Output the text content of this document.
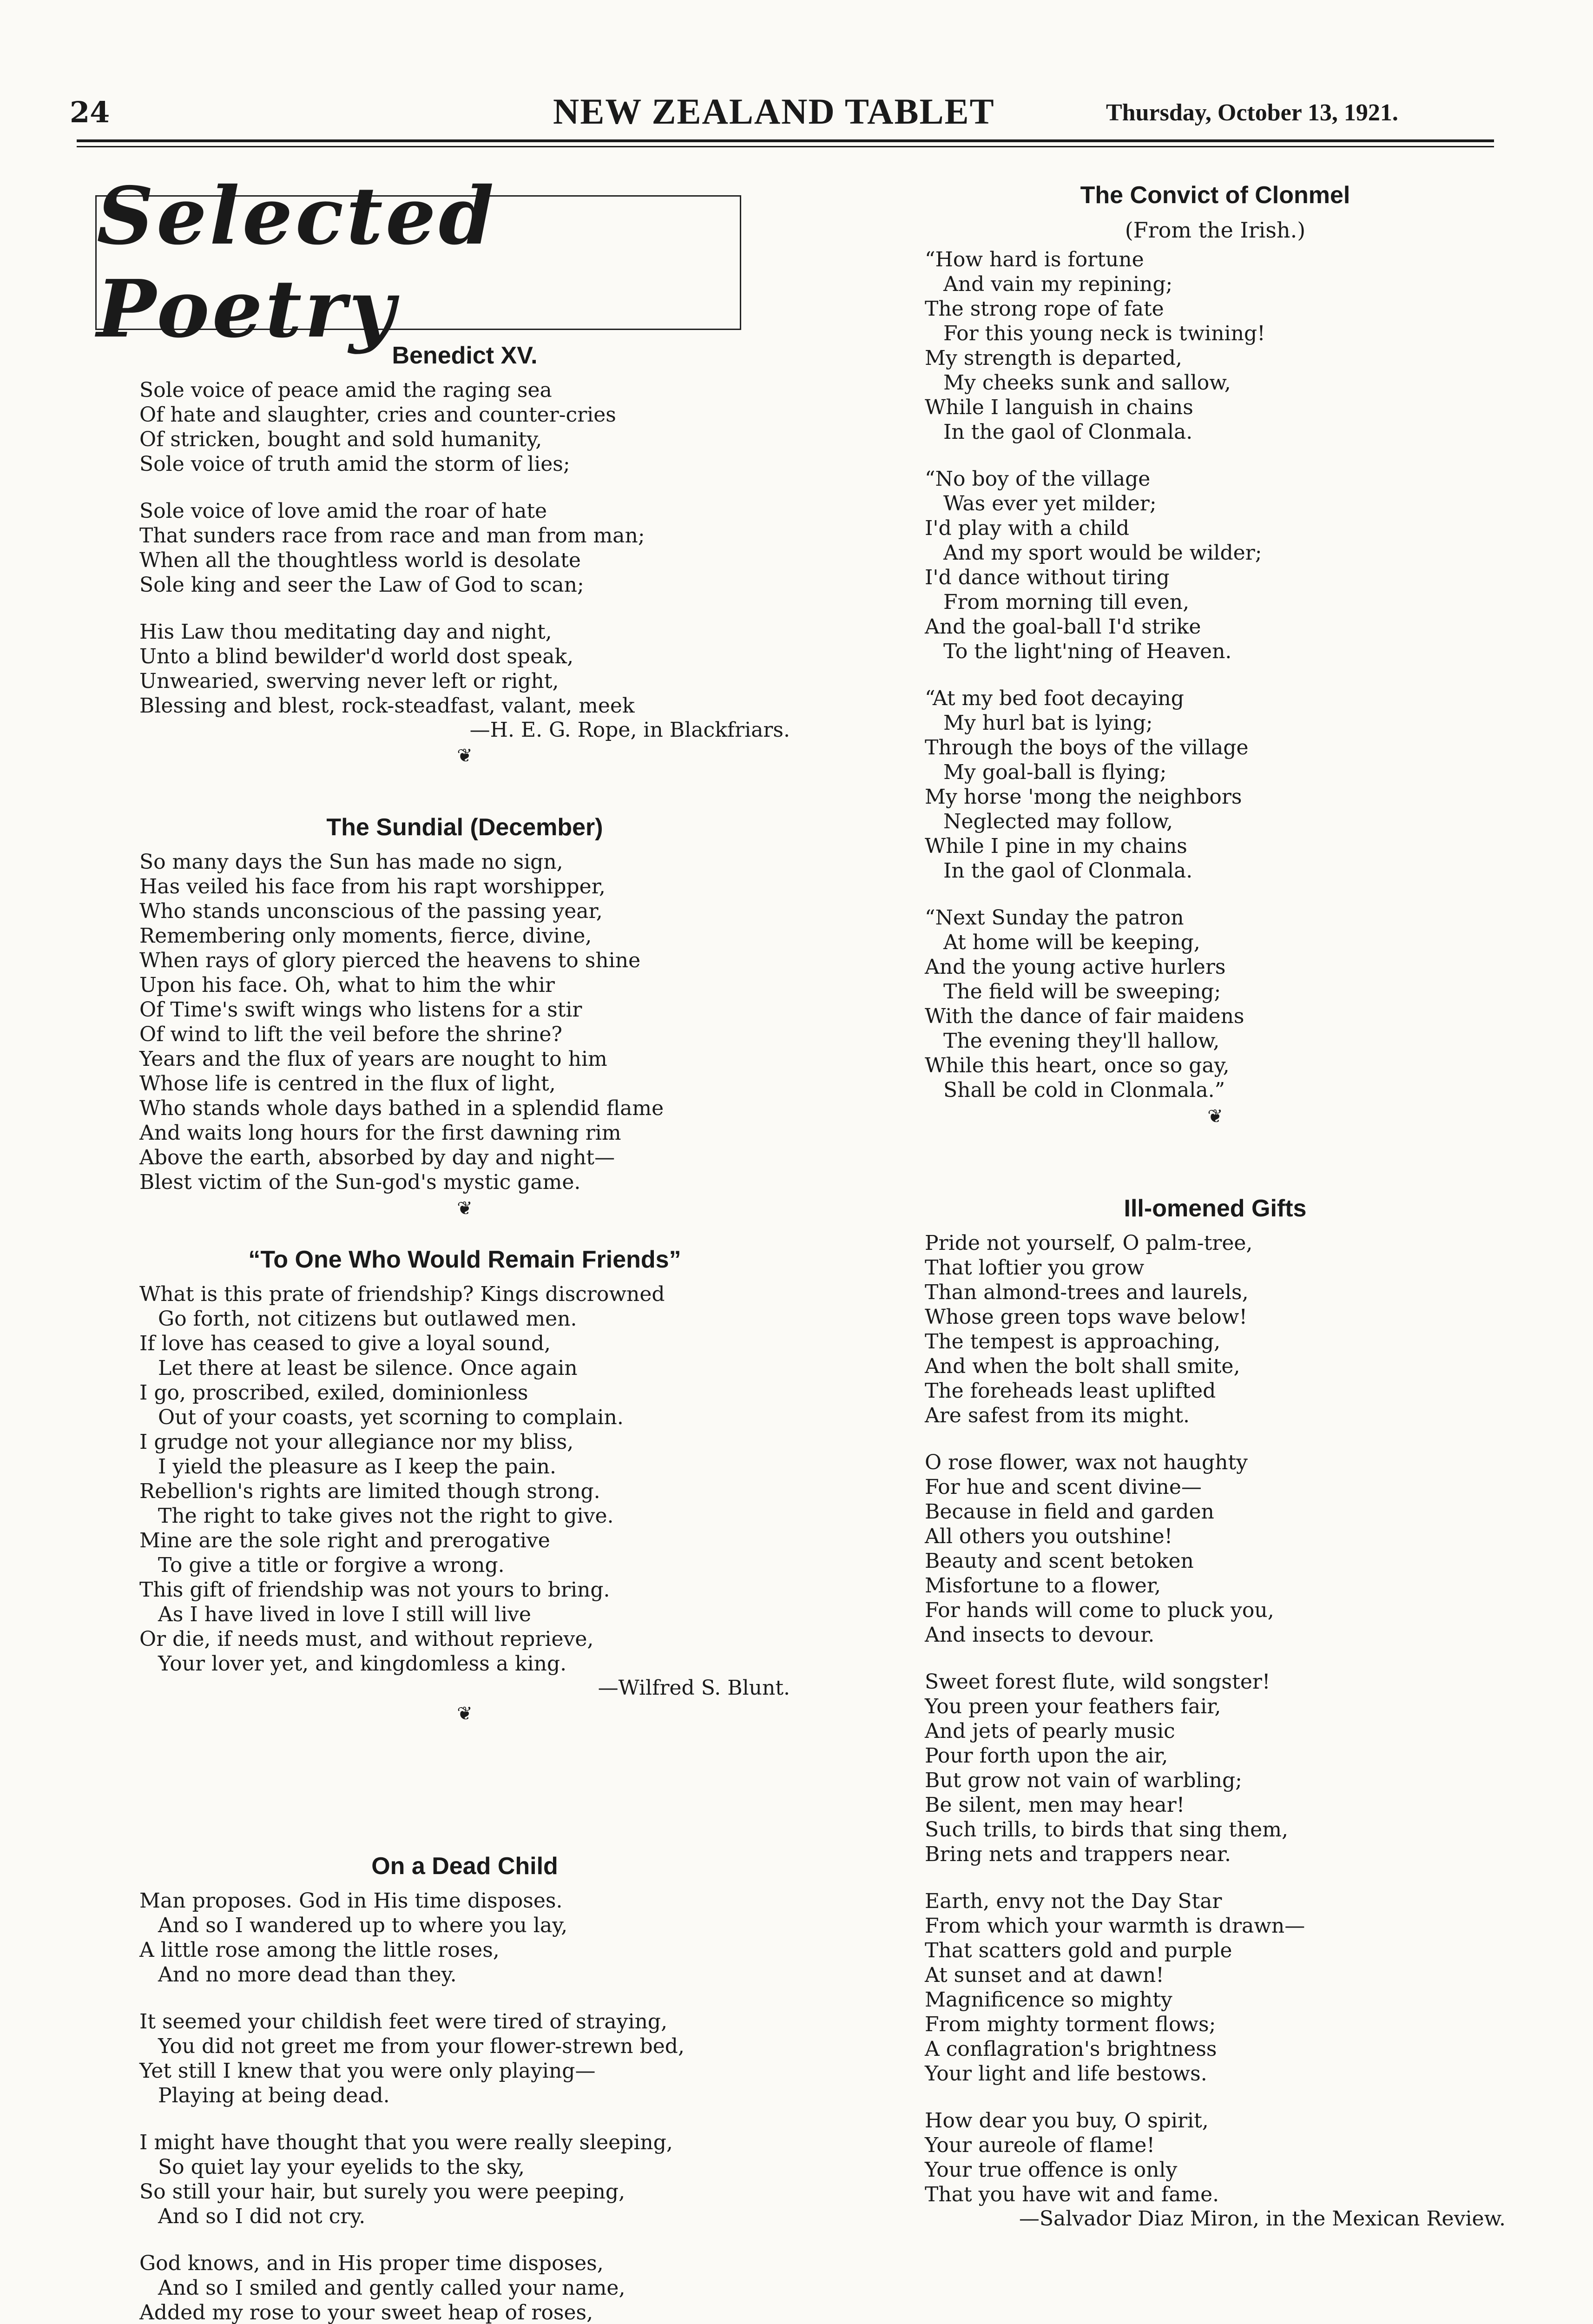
24	NEW ZEALAND TABLET	Thursday, October 13, 1921.
Selected Poetry

Benedict XV.

Sole voice of peace amid the raging sea
Of hate and slaughter, cries and counter-cries
Of stricken, bought and sold humanity,
Sole voice of truth amid the storm of lies;
Sole voice of love amid the roar of hate
That sunders race from race and man from man;
When all the thoughtless world is desolate
Sole king and seer the Law of God to scan;
His Law thou meditating day and night,
Unto a blind bewilder'd world dost speak,
Unwearied, swerving never left or right,
Blessing and blest, rock-steadfast, valant, meek
—H. E. G. Rope, in Blackfriars.
❦

The Sundial (December)

So many days the Sun has made no sign,
Has veiled his face from his rapt worshipper,
Who stands unconscious of the passing year,
Remembering only moments, fierce, divine,
When rays of glory pierced the heavens to shine
Upon his face. Oh, what to him the whir
Of Time's swift wings who listens for a stir
Of wind to lift the veil before the shrine?
Years and the flux of years are nought to him
Whose life is centred in the flux of light,
Who stands whole days bathed in a splendid flame
And waits long hours for the first dawning rim
Above the earth, absorbed by day and night—
Blest victim of the Sun-god's mystic game.
❦

“To One Who Would Remain Friends”

What is this prate of friendship? Kings discrowned
Go forth, not citizens but outlawed men.
If love has ceased to give a loyal sound,
Let there at least be silence. Once again
I go, proscribed, exiled, dominionless
Out of your coasts, yet scorning to complain.
I grudge not your allegiance nor my bliss,
I yield the pleasure as I keep the pain.
Rebellion's rights are limited though strong.
The right to take gives not the right to give.
Mine are the sole right and prerogative
To give a title or forgive a wrong.
This gift of friendship was not yours to bring.
As I have lived in love I still will live
Or die, if needs must, and without reprieve,
Your lover yet, and kingdomless a king.
—Wilfred S. Blunt.
❦

On a Dead Child

Man proposes. God in His time disposes.
And so I wandered up to where you lay,
A little rose among the little roses,
And no more dead than they.
It seemed your childish feet were tired of straying,
You did not greet me from your flower-strewn bed,
Yet still I knew that you were only playing—
Playing at being dead.
I might have thought that you were really sleeping,
So quiet lay your eyelids to the sky,
So still your hair, but surely you were peeping,
And so I did not cry.
God knows, and in His proper time disposes,
And so I smiled and gently called your name,
Added my rose to your sweet heap of roses,

The Convict of Clonmel

(From the Irish.)

“How hard is fortune
And vain my repining;
The strong rope of fate
For this young neck is twining!
My strength is departed,
My cheeks sunk and sallow,
While I languish in chains
In the gaol of Clonmala.
“No boy of the village
Was ever yet milder;
I'd play with a child
And my sport would be wilder;
I'd dance without tiring
From morning till even,
And the goal-ball I'd strike
To the light'ning of Heaven.
“At my bed foot decaying
My hurl bat is lying;
Through the boys of the village
My goal-ball is flying;
My horse 'mong the neighbors
Neglected may follow,
While I pine in my chains
In the gaol of Clonmala.
“Next Sunday the patron
At home will be keeping,
And the young active hurlers
The field will be sweeping;
With the dance of fair maidens
The evening they'll hallow,
While this heart, once so gay,
Shall be cold in Clonmala.”
❦

Ill-omened Gifts

Pride not yourself, O palm-tree,
That loftier you grow
Than almond-trees and laurels,
Whose green tops wave below!
The tempest is approaching,
And when the bolt shall smite,
The foreheads least uplifted
Are safest from its might.
O rose flower, wax not haughty
For hue and scent divine—
Because in field and garden
All others you outshine!
Beauty and scent betoken
Misfortune to a flower,
For hands will come to pluck you,
And insects to devour.
Sweet forest flute, wild songster!
You preen your feathers fair,
And jets of pearly music
Pour forth upon the air,
But grow not vain of warbling;
Be silent, men may hear!
Such trills, to birds that sing them,
Bring nets and trappers near.
Earth, envy not the Day Star
From which your warmth is drawn—
That scatters gold and purple
At sunset and at dawn!
Magnificence so mighty
From mighty torment flows;
A conflagration's brightness
Your light and life bestows.
How dear you buy, O spirit,
Your aureole of flame!
Your true offence is only
That you have wit and fame.
—Salvador Diaz Miron, in the Mexican Review.
